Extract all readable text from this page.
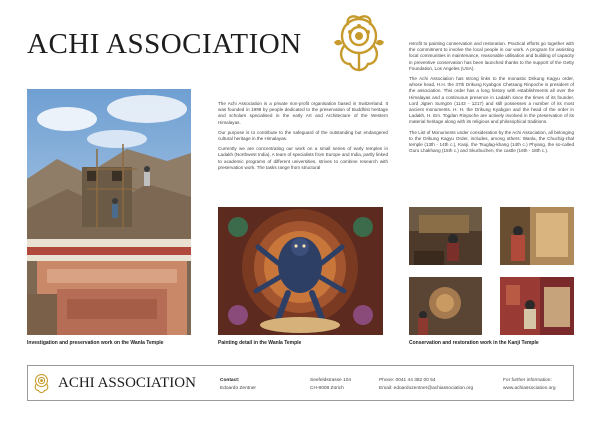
ACHI ASSOCIATION

The Achi Association is a private non-profit organisation based in Switzerland. It was founded in 1999 by people dedicated to the preservation of Buddhist heritage and scholars specialised in the early Art and Architecture of the Western Himalayas.

Our purpose is to contribute to the safeguard of the outstanding but endangered cultural heritage in the Himalayas.

Currently we are concentrating our work on a small series of early temples in Ladakh (Northwest India). A team of specialists from Europe and India, partly linked to academic programs of different universities, strives to combine research with preservation work. The tasks range from structural

retrofit to painting conservation and restoration. Practical efforts go together with the commitment to involve the local people in our work. A program for assisting local communities in maintenance, reasonable utilisation and building of capacity in preventive conservation has been launched thanks to the support of the Getty Foundation, Los Angeles (USA).

The Achi Association has strong links to the monastic Drikung Kagyu order, whose head, H.H. the 37th Drikung Kyabgon Chetsang Rinpoche is president of the association. This order has a long history with establishments all over the Himalayas and a continuous presence in Ladakh since the times of its founder, Lord Jigten Sumgön (1143 - 1217) and still possesses a number of its most ancient monuments. H. H. the Drikung Kyabgon and the head of the order in Ladakh, H. Em. Togdan Rinpoche are actively involved in the preservation of its material heritage along with its religious and philosophical traditions.

The List of Monuments under consideration by the Achi Association, all belonging to the Drikung Kagyu Order, includes, among others: Wanla, the Chuchig-zhal temple (13th - 14th c.), Kanji, the Tsuglag-khang (14th c.) Phyang, the so-called Guru Lhakhang (15th c.) and Skurbuchen, the castle (16th - 18th c.).

Investigation and preservation work on the Wanla Temple	Painting detail in the Wanla Temple	Conservation and restoration work in the Kanji Temple
ACHI ASSOCIATION	Contact:
Edoardo Zentner
Seefeldstrasse 104
CH-8008 Zürich
Phone: 0041 44 382 00 54
Email: edoardozentner@achiassociation.org
For further information:
www.achiassociation.org
